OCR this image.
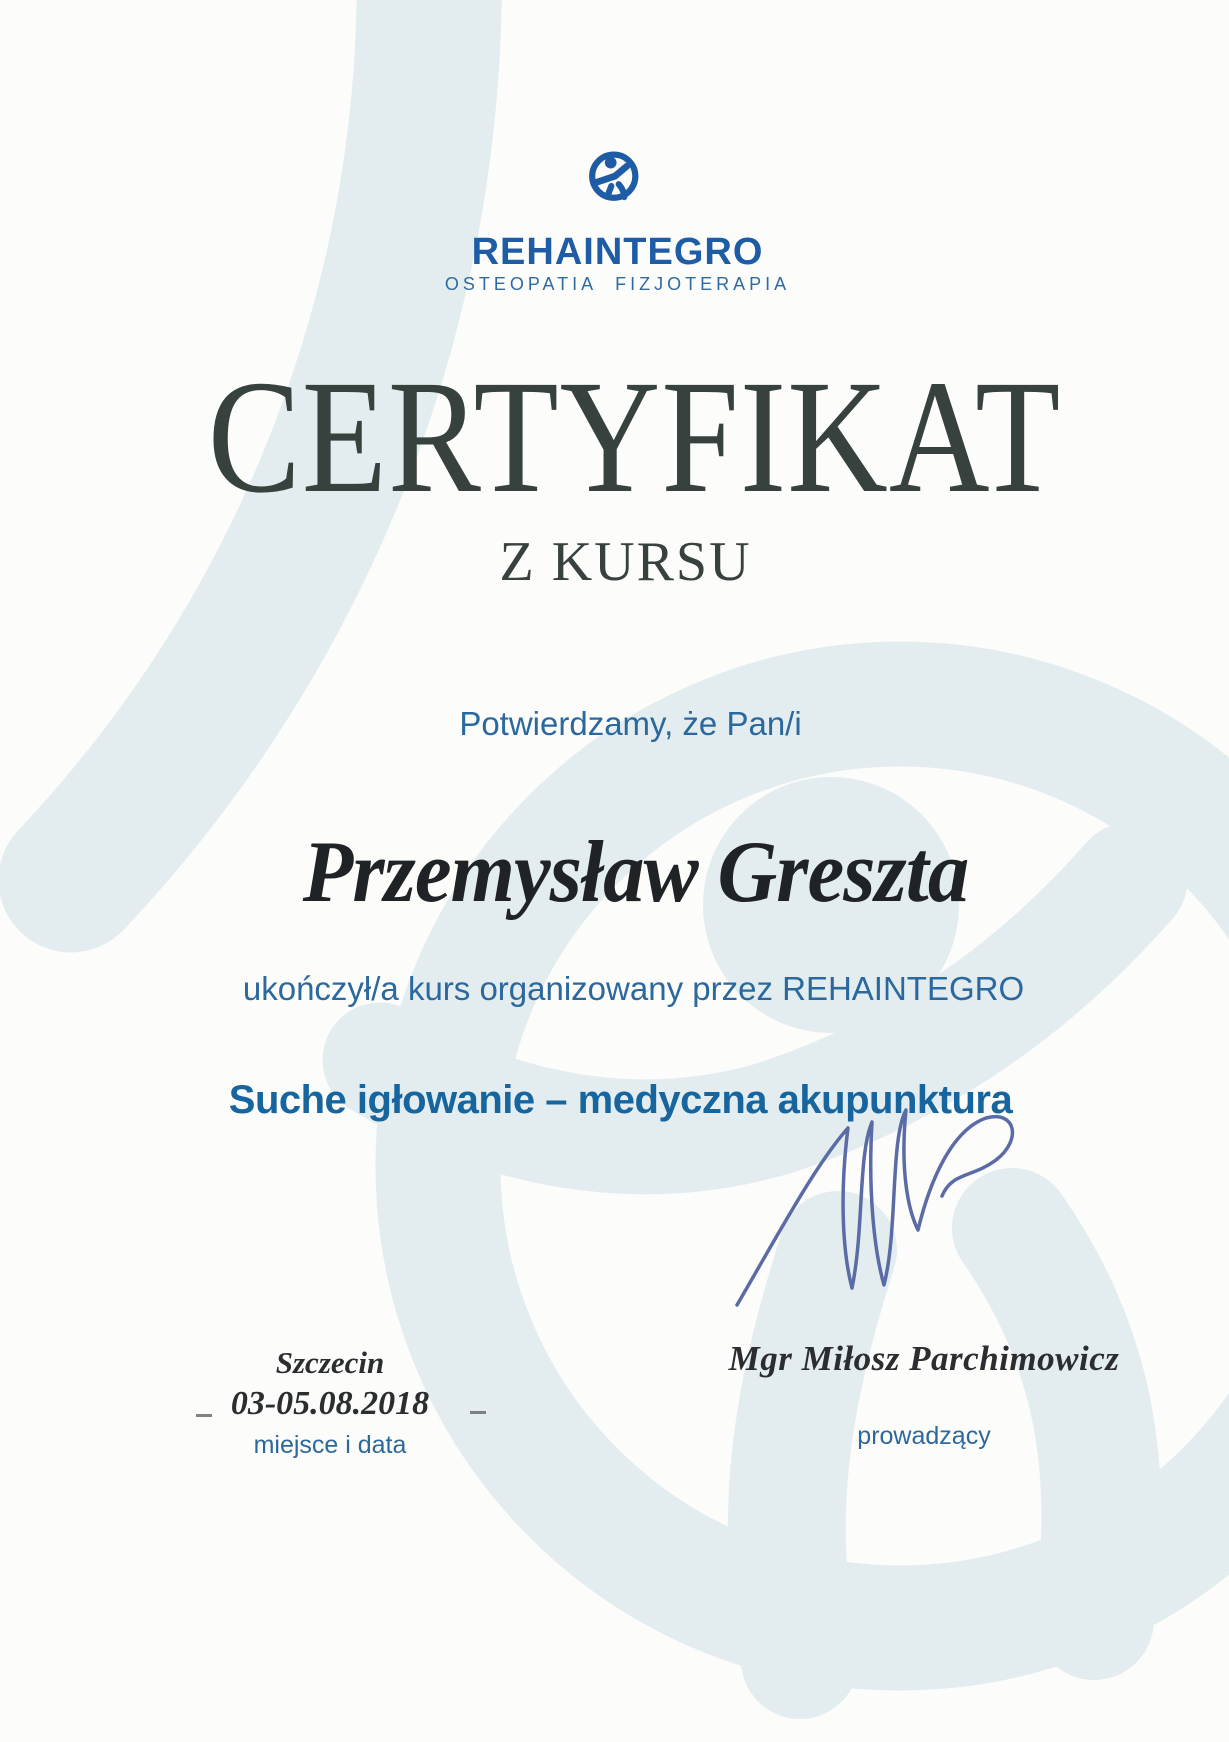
REHAINTEGRO
OSTEOPATIA FIZJOTERAPIA
CERTYFIKAT
Z KURSU
Potwierdzamy, że Pan/i
Przemysław Greszta
ukończył/a kurs organizowany przez REHAINTEGRO
Suche igłowanie – medyczna akupunktura
Szczecin
03-05.08.2018
miejsce i data
Mgr Miłosz Parchimowicz
prowadzący
